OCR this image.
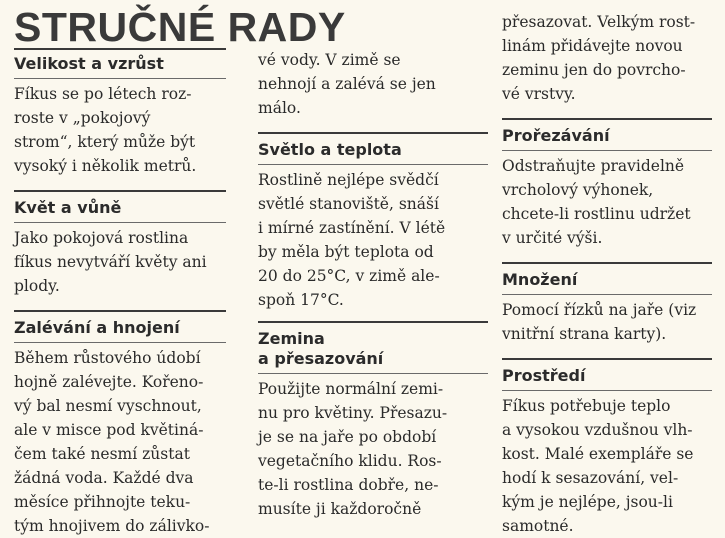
STRUČNÉ RADY
Velikost a vzrůst

Fíkus se po létech roz-
roste v „pokojový
strom“, který může být
vysoký i několik metrů.

Květ a vůně

Jako pokojová rostlina
fíkus nevytváří květy ani
plody.

Zalévání a hnojení

Během růstového údobí
hojně zalévejte. Kořeno-
vý bal nesmí vyschnout,
ale v misce pod květiná-
čem také nesmí zůstat
žádná voda. Každé dva
měsíce přihnojte teku-
tým hnojivem do zálivko-

vé vody. V zimě se
nehnojí a zalévá se jen
málo.

Světlo a teplota

Rostlině nejlépe svědčí
světlé stanoviště, snáší
i mírné zastínění. V létě
by měla být teplota od
20 do 25°C, v zimě ale-
spoň 17°C.

Zemina
a přesazování

Použijte normální zemi-
nu pro květiny. Přesazu-
je se na jaře po období
vegetačního klidu. Ros-
te-li rostlina dobře, ne-
musíte ji každoročně

přesazovat. Velkým rost-
linám přidávejte novou
zeminu jen do povrcho-
vé vrstvy.

Prořezávání

Odstraňujte pravidelně
vrcholový výhonek,
chcete-li rostlinu udržet
v určité výši.

Množení

Pomocí řízků na jaře (viz
vnitřní strana karty).

Prostředí

Fíkus potřebuje teplo
a vysokou vzdušnou vlh-
kost. Malé exempláře se
hodí k sesazování, vel-
kým je nejlépe, jsou-li
samotné.
